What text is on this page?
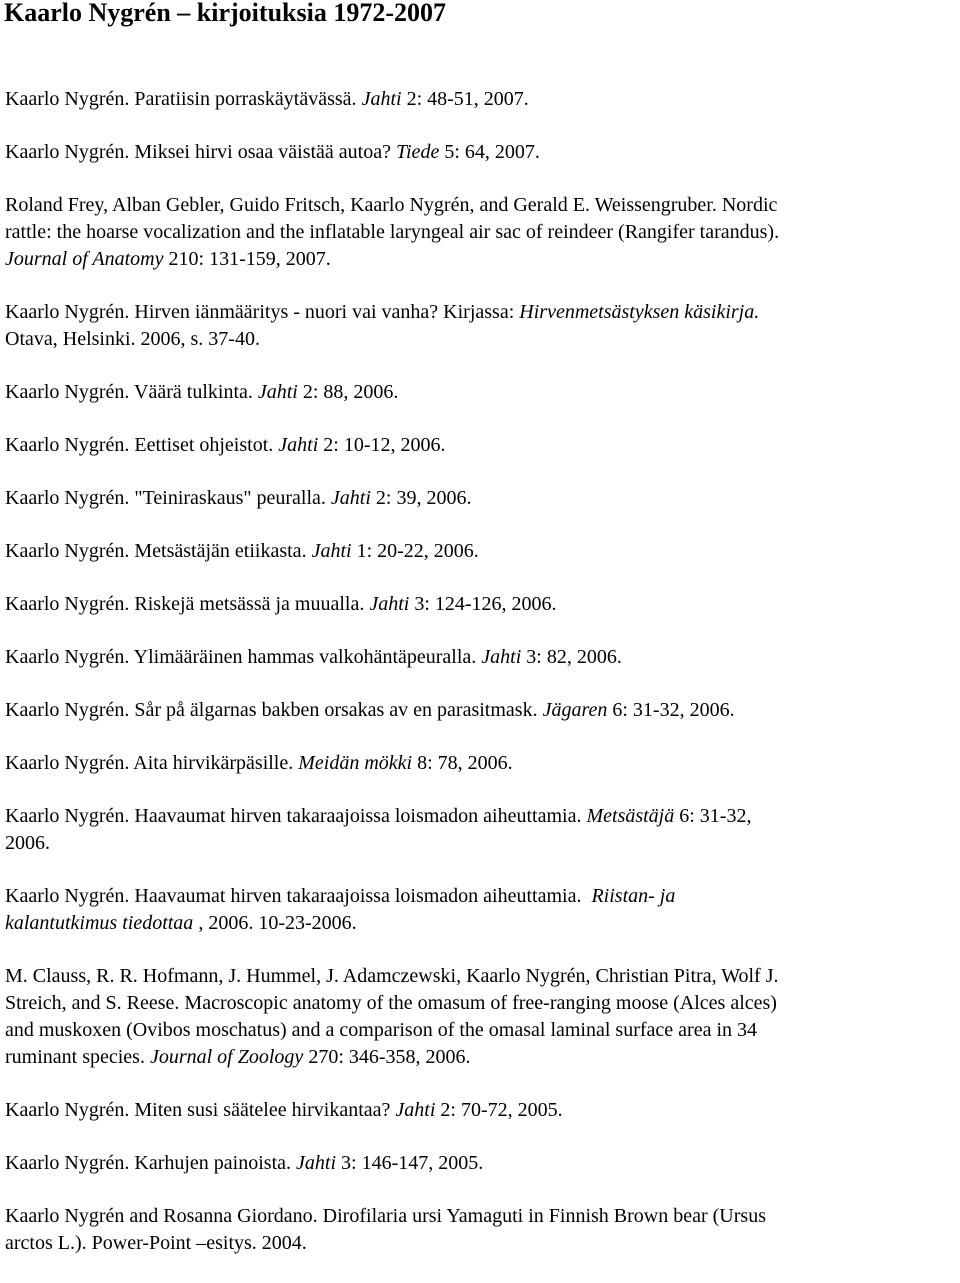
Kaarlo Nygrén – kirjoituksia 1972-2007

Kaarlo Nygrén. Paratiisin porraskäytävässä. Jahti 2: 48-51, 2007.

Kaarlo Nygrén. Miksei hirvi osaa väistää autoa? Tiede 5: 64, 2007.

Roland Frey, Alban Gebler, Guido Fritsch, Kaarlo Nygrén, and Gerald E. Weissengruber. Nordic
rattle: the hoarse vocalization and the inflatable laryngeal air sac of reindeer (Rangifer tarandus).
Journal of Anatomy 210: 131-159, 2007.

Kaarlo Nygrén. Hirven iänmääritys - nuori vai vanha? Kirjassa: Hirvenmetsästyksen käsikirja.
Otava, Helsinki. 2006, s. 37-40.

Kaarlo Nygrén. Väärä tulkinta. Jahti 2: 88, 2006.

Kaarlo Nygrén. Eettiset ohjeistot. Jahti 2: 10-12, 2006.

Kaarlo Nygrén. "Teiniraskaus" peuralla. Jahti 2: 39, 2006.

Kaarlo Nygrén. Metsästäjän etiikasta. Jahti 1: 20-22, 2006.

Kaarlo Nygrén. Riskejä metsässä ja muualla. Jahti 3: 124-126, 2006.

Kaarlo Nygrén. Ylimääräinen hammas valkohäntäpeuralla. Jahti 3: 82, 2006.

Kaarlo Nygrén. Sår på älgarnas bakben orsakas av en parasitmask. Jägaren 6: 31-32, 2006.

Kaarlo Nygrén. Aita hirvikärpäsille. Meidän mökki 8: 78, 2006.

Kaarlo Nygrén. Haavaumat hirven takaraajoissa loismadon aiheuttamia. Metsästäjä 6: 31-32,
2006.

Kaarlo Nygrén. Haavaumat hirven takaraajoissa loismadon aiheuttamia.  Riistan- ja
kalantutkimus tiedottaa , 2006. 10-23-2006.

M. Clauss, R. R. Hofmann, J. Hummel, J. Adamczewski, Kaarlo Nygrén, Christian Pitra, Wolf J.
Streich, and S. Reese. Macroscopic anatomy of the omasum of free-ranging moose (Alces alces)
and muskoxen (Ovibos moschatus) and a comparison of the omasal laminal surface area in 34
ruminant species. Journal of Zoology 270: 346-358, 2006.

Kaarlo Nygrén. Miten susi säätelee hirvikantaa? Jahti 2: 70-72, 2005.

Kaarlo Nygrén. Karhujen painoista. Jahti 3: 146-147, 2005.

Kaarlo Nygrén and Rosanna Giordano. Dirofilaria ursi Yamaguti in Finnish Brown bear (Ursus
arctos L.). Power-Point –esitys. 2004.
